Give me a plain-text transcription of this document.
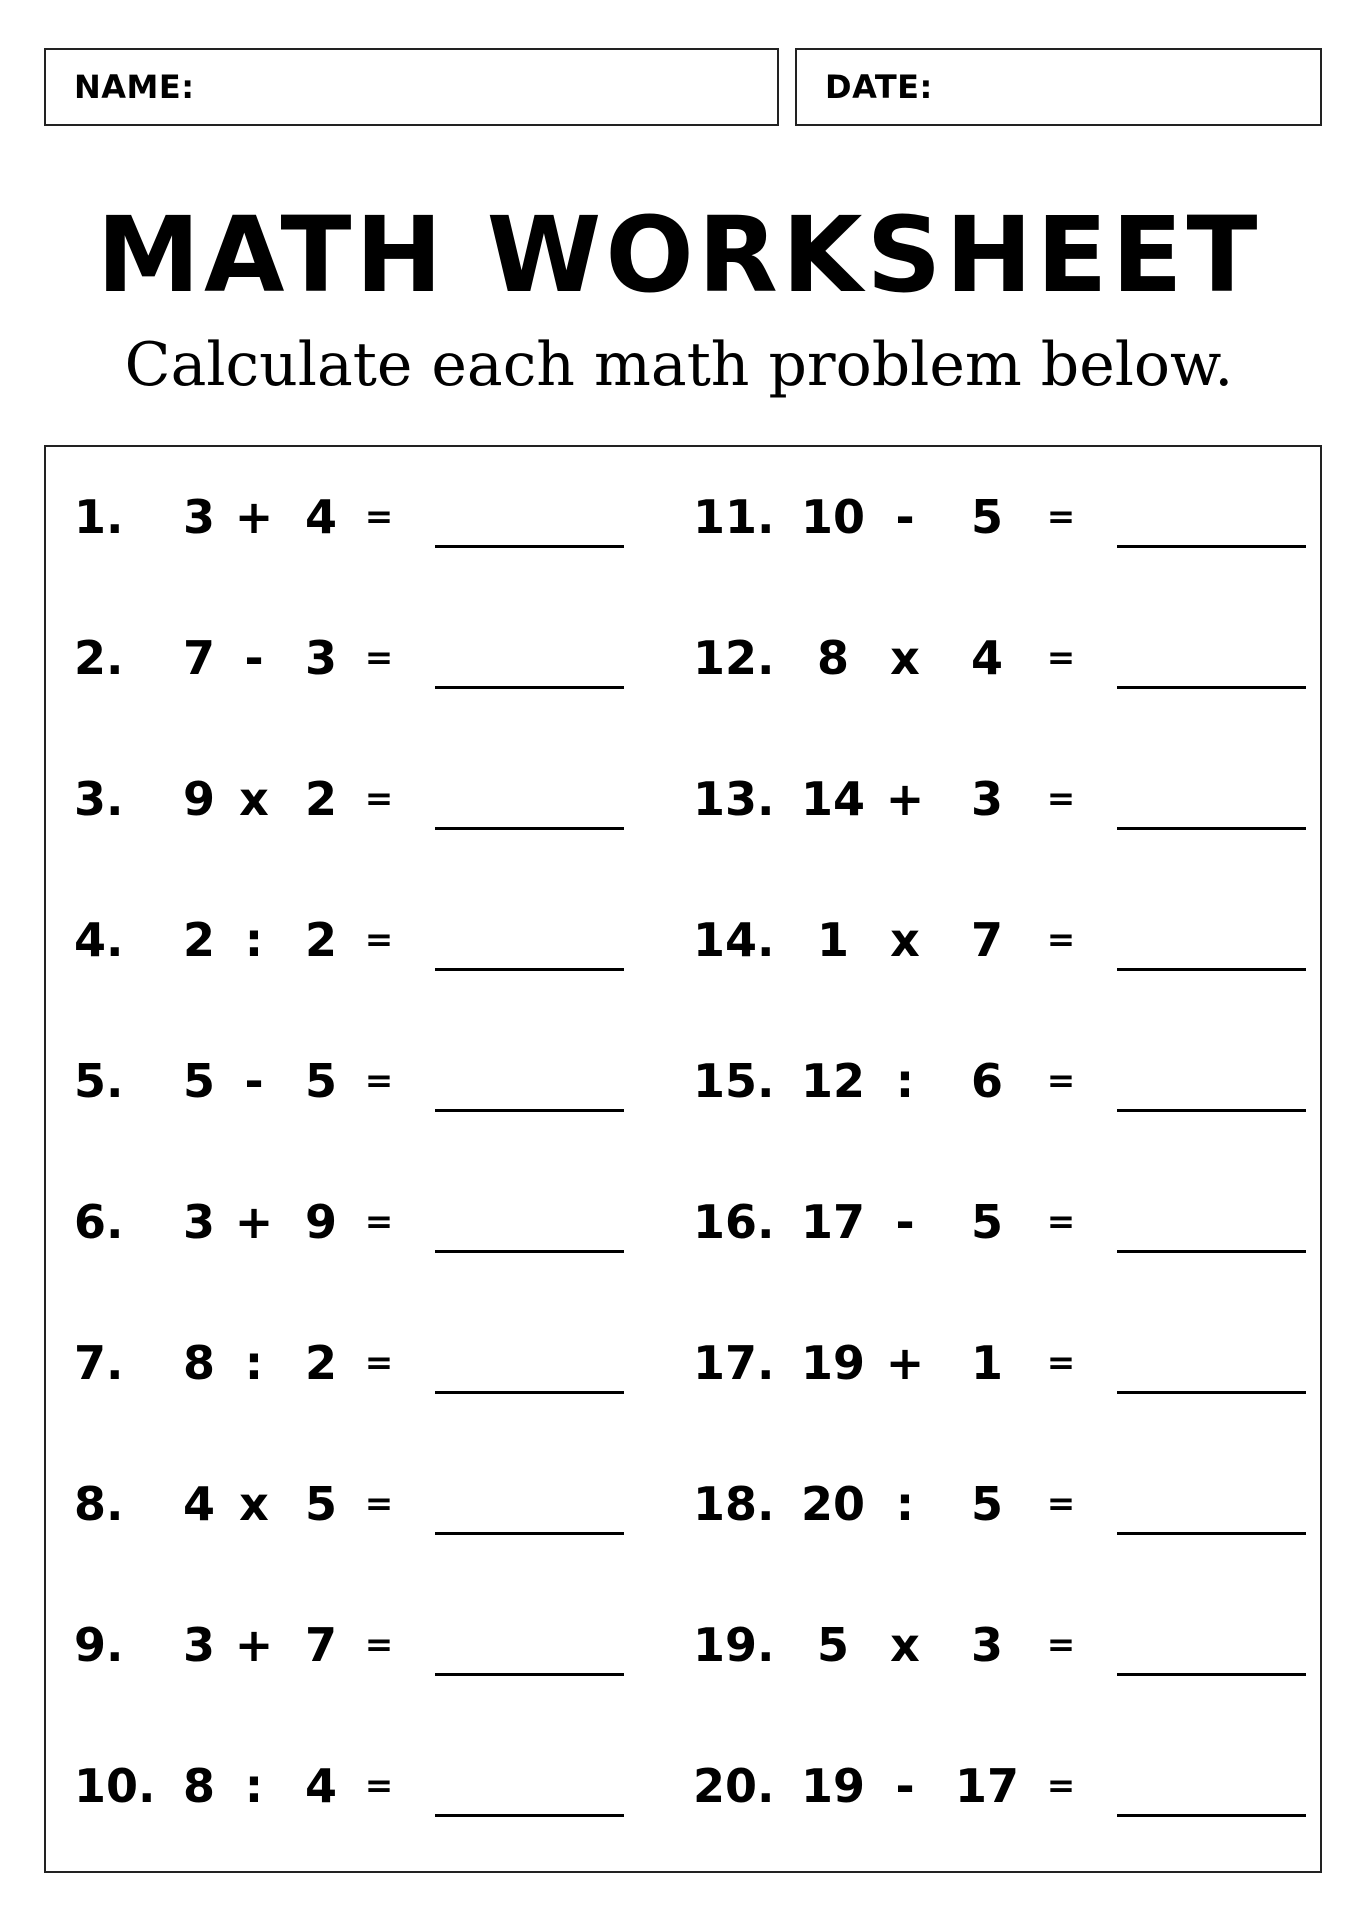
NAME:	DATE:
MATH WORKSHEET
Calculate each math problem below.
1.	3 + 4 =
2.	7 - 3 =
3.	9 x 2 =
4.	2 : 2 =
5.	5 - 5 =
6.	3 + 9 =
7.	8 : 2 =
8.	4 x 5 =
9.	3 + 7 =
10. 8 : 4 =
11. 10 -	5	=
12. 8 x	4	=
13. 14 +	3	=
14. 1 x	7	=
15. 12 :	6	=
16. 17 -	5	=
17. 19 +	1	=
18. 20 :	5	=
19. 5 x	3	=
20. 19 - 17 =
